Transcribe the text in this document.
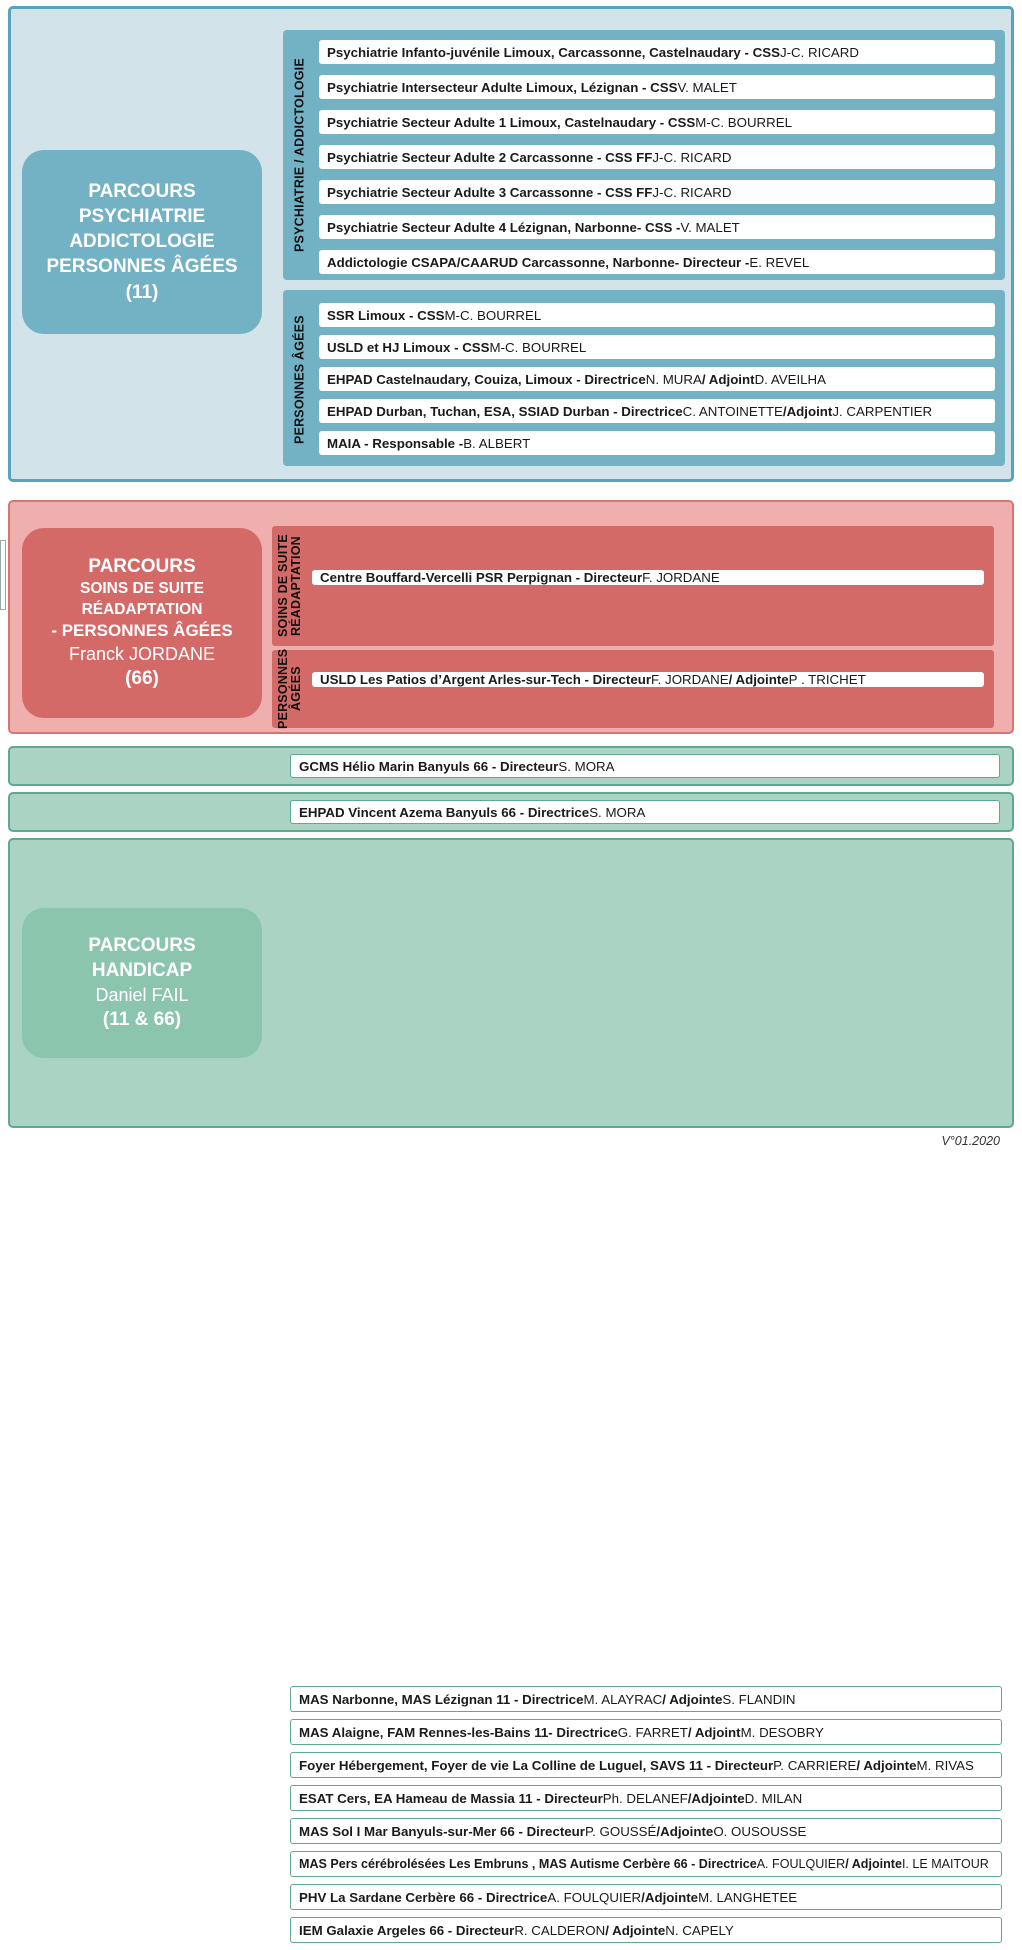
PSYCHIATRIE / ADDICTOLOGIE
Psychiatrie Infanto-juvénile Limoux, Carcassonne, Castelnaudary - CSS J-C. RICARD
Psychiatrie Intersecteur Adulte Limoux, Lézignan - CSS V. MALET
Psychiatrie Secteur Adulte 1 Limoux, Castelnaudary - CSS M-C. BOURREL
Psychiatrie Secteur Adulte 2 Carcassonne - CSS FF J-C. RICARD
Psychiatrie Secteur Adulte 3 Carcassonne - CSS FF J-C. RICARD
Psychiatrie Secteur Adulte 4 Lézignan, Narbonne- CSS - V. MALET
Addictologie CSAPA/CAARUD Carcassonne, Narbonne- Directeur - E. REVEL
PERSONNES ÂGÉES
SSR Limoux - CSS M-C. BOURREL
USLD et HJ Limoux - CSS M-C. BOURREL
EHPAD Castelnaudary, Couiza, Limoux - Directrice N. MURA / Adjoint D. AVEILHA
EHPAD Durban, Tuchan, ESA, SSIAD Durban - Directrice C. ANTOINETTE /Adjoint J. CARPENTIER
MAIA - Responsable - B. ALBERT
PARCOURS
PSYCHIATRIE
ADDICTOLOGIE
PERSONNES ÂGÉES
(11)
SOINS DE SUITE RÉADAPTATION Centre Bouffard-Vercelli PSR Perpignan - Directeur F. JORDANE
PERSONNES ÂGÉES USLD Les Patios d’Argent Arles-sur-Tech - Directeur F. JORDANE / Adjointe P . TRICHET
PARCOURS
SOINS DE SUITE RÉADAPTATION
- PERSONNES ÂGÉES
Franck JORDANE
(66)
GCMS Hélio Marin Banyuls 66 - Directeur S. MORA
EHPAD Vincent Azema Banyuls 66 - Directrice S. MORA
MAS Narbonne, MAS Lézignan 11 - Directrice M. ALAYRAC / Adjointe S. FLANDIN
MAS Alaigne, FAM Rennes-les-Bains 11- Directrice G. FARRET / Adjoint M. DESOBRY
Foyer Hébergement, Foyer de vie La Colline de Luguel, SAVS 11 - Directeur P. CARRIERE / Adjointe M. RIVAS
ESAT Cers, EA Hameau de Massia 11 - Directeur Ph. DELANEF /Adjointe D. MILAN
MAS Sol I Mar Banyuls-sur-Mer 66 - Directeur P. GOUSSÉ /Adjointe O. OUSOUSSE
MAS Pers cérébrolésées Les Embruns , MAS Autisme Cerbère 66 - Directrice A. FOULQUIER / Adjointe I. LE MAITOUR
PHV La Sardane Cerbère 66 - Directrice A. FOULQUIER /Adjointe M. LANGHETEE
IEM Galaxie Argeles 66 - Directeur R. CALDERON / Adjointe N. CAPELY
PARCOURS
HANDICAP
Daniel FAIL
(11 & 66)
V°01.2020
